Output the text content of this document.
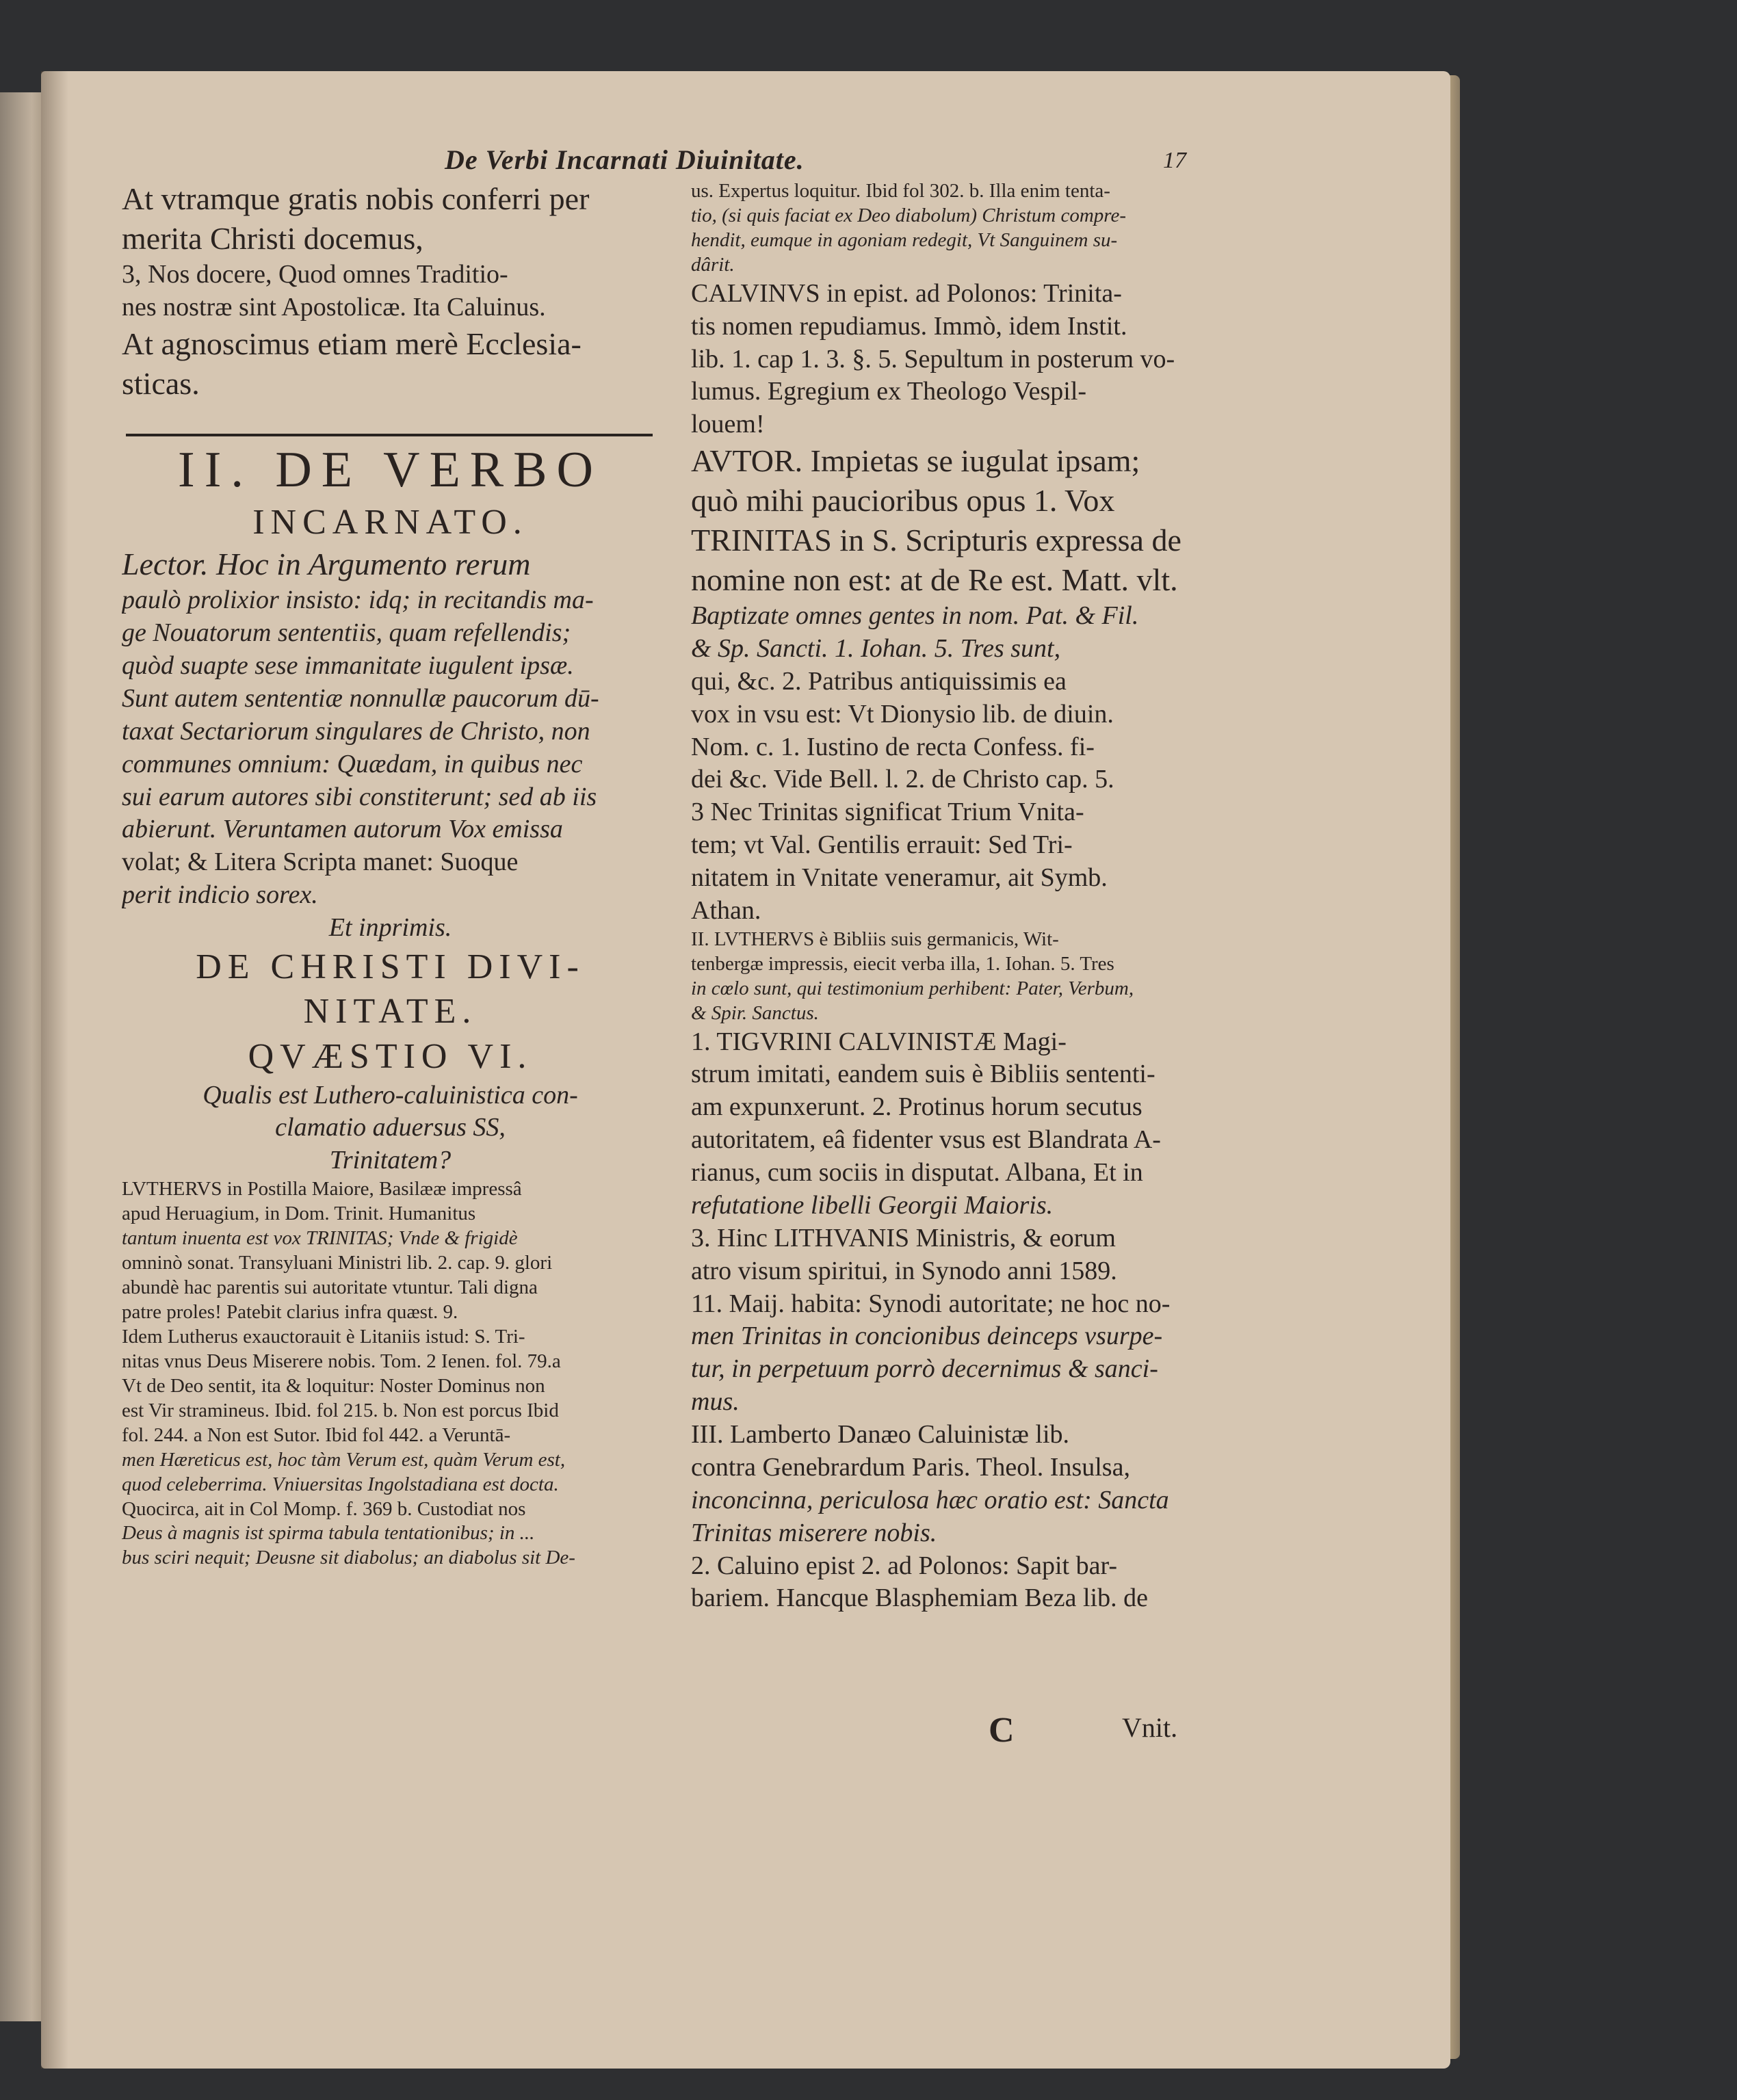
De Verbi Incarnati Diuinitate.	17
At vtramque gratis nobis conferri per
merita Christi docemus,
3, Nos docere, Quod omnes Traditio-
nes nostræ sint Apostolicæ. Ita Caluinus.
At agnoscimus etiam merè Ecclesia-
sticas.
II. DE VERBO
INCARNATO.
Lector. Hoc in Argumento rerum
paulò prolixior insisto: idq; in recitandis ma-
ge Nouatorum sententiis, quam refellendis;
quòd suapte sese immanitate iugulent ipsæ.
Sunt autem sententiæ nonnullæ paucorum dū-
taxat Sectariorum singulares de Christo, non
communes omnium: Quædam, in quibus nec
sui earum autores sibi constiterunt; sed ab iis
abierunt. Veruntamen autorum Vox emissa
volat; & Litera Scripta manet: Suoque
perit indicio sorex.
Et inprimis.
DE CHRISTI DIVI-
NITATE.
QVÆSTIO VI.
Qualis est Luthero-caluinistica con-
clamatio aduersus SS,
Trinitatem?
LVTHERVS in Postilla Maiore, Basilææ impressâ
apud Heruagium, in Dom. Trinit. Humanitus
tantum inuenta est vox TRINITAS; Vnde & frigidè
omninò sonat. Transyluani Ministri lib. 2. cap. 9. glori
abundè hac parentis sui autoritate vtuntur. Tali digna
patre proles! Patebit clarius infra quæst. 9.
Idem Lutherus exauctorauit è Litaniis istud: S. Tri-
nitas vnus Deus Miserere nobis. Tom. 2 Ienen. fol. 79.a
Vt de Deo sentit, ita & loquitur: Noster Dominus non
est Vir stramineus. Ibid. fol 215. b. Non est porcus Ibid
fol. 244. a Non est Sutor. Ibid fol 442. a Veruntā-
men Hæreticus est, hoc tàm Verum est, quàm Verum est,
quod celeberrima. Vniuersitas Ingolstadiana est docta.
Quocirca, ait in Col Momp. f. 369 b. Custodiat nos
Deus à magnis ist spirma tabula tentationibus; in ...
bus sciri nequit; Deusne sit diabolus; an diabolus sit De-
us. Expertus loquitur. Ibid fol 302. b. Illa enim tenta-
tio, (si quis faciat ex Deo diabolum) Christum compre-
hendit, eumque in agoniam redegit, Vt Sanguinem su-
dârit.
CALVINVS in epist. ad Polonos: Trinita-
tis nomen repudiamus. Immò, idem Instit.
lib. 1. cap 1. 3. §. 5. Sepultum in posterum vo-
lumus. Egregium ex Theologo Vespil-
louem!
AVTOR. Impietas se iugulat ipsam;
quò mihi paucioribus opus 1. Vox
TRINITAS in S. Scripturis expressa de
nomine non est: at de Re est. Matt. vlt.
Baptizate omnes gentes in nom. Pat. & Fil.
& Sp. Sancti. 1. Iohan. 5. Tres sunt,
qui, &c. 2. Patribus antiquissimis ea
vox in vsu est: Vt Dionysio lib. de diuin.
Nom. c. 1. Iustino de recta Confess. fi-
dei &c. Vide Bell. l. 2. de Christo cap. 5.
3 Nec Trinitas significat Trium Vnita-
tem; vt Val. Gentilis errauit: Sed Tri-
nitatem in Vnitate veneramur, ait Symb.
Athan.
II. LVTHERVS è Bibliis suis germanicis, Wit-
tenbergæ impressis, eiecit verba illa, 1. Iohan. 5. Tres
in cœlo sunt, qui testimonium perhibent: Pater, Verbum,
& Spir. Sanctus.
1. TIGVRINI CALVINISTÆ Magi-
strum imitati, eandem suis è Bibliis sententi-
am expunxerunt. 2. Protinus horum secutus
autoritatem, eâ fidenter vsus est Blandrata A-
rianus, cum sociis in disputat. Albana, Et in
refutatione libelli Georgii Maioris.
3. Hinc LITHVANIS Ministris, & eorum
atro visum spiritui, in Synodo anni 1589.
11. Maij. habita: Synodi autoritate; ne hoc no-
men Trinitas in concionibus deinceps vsurpe-
tur, in perpetuum porrò decernimus & sanci-
mus.
III. Lamberto Danæo Caluinistæ lib.
contra Genebrardum Paris. Theol. Insulsa,
inconcinna, periculosa hæc oratio est: Sancta
Trinitas miserere nobis.
2. Caluino epist 2. ad Polonos: Sapit bar-
bariem. Hancque Blasphemiam Beza lib. de
C	Vnit.
